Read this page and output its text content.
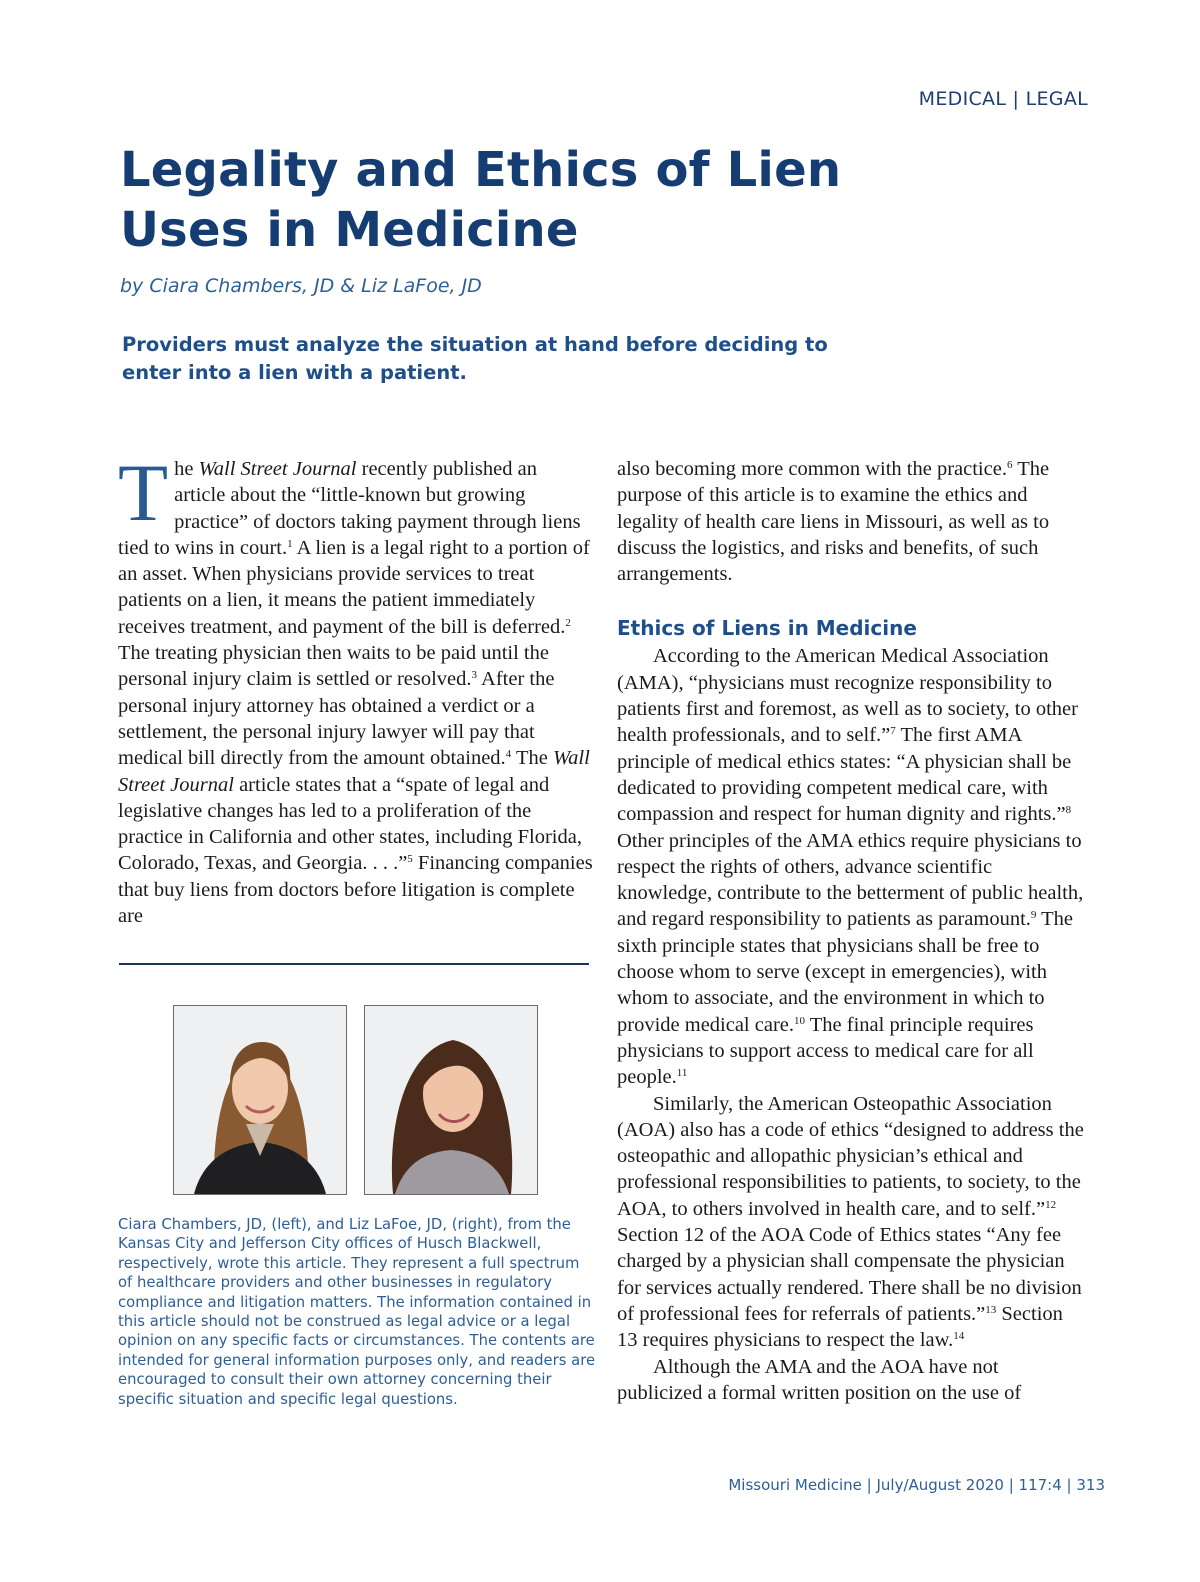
MEDICAL | LEGAL
Legality and Ethics of Lien Uses in Medicine
by Ciara Chambers, JD & Liz LaFoe, JD
Providers must analyze the situation at hand before deciding to enter into a lien with a patient.

The Wall Street Journal recently published an article about the “little-known but growing practice” of doctors taking payment through liens tied to wins in court.$^1$ A lien is a legal right to a portion of an asset. When physicians provide services to treat patients on a lien, it means the patient immediately receives treatment, and payment of the bill is deferred.$^2$ The treating physician then waits to be paid until the personal injury claim is settled or resolved.$^3$ After the personal injury attorney has obtained a verdict or a settlement, the personal injury lawyer will pay that medical bill directly from the amount obtained.$^4$ The Wall Street Journal article states that a “spate of legal and legislative changes has led to a proliferation of the practice in California and other states, including Florida, Colorado, Texas, and Georgia. . . .”$^5$ Financing companies that buy liens from doctors before litigation is complete are

Ciara Chambers, JD, (left), and Liz LaFoe, JD, (right), from the Kansas City and Jefferson City offices of Husch Blackwell, respectively, wrote this article. They represent a full spectrum of healthcare providers and other businesses in regulatory compliance and litigation matters. The information contained in this article should not be construed as legal advice or a legal opinion on any specific facts or circumstances. The contents are intended for general information purposes only, and readers are encouraged to consult their own attorney concerning their specific situation and specific legal questions.

also becoming more common with the practice.$^6$ The purpose of this article is to examine the ethics and legality of health care liens in Missouri, as well as to discuss the logistics, and risks and benefits, of such arrangements.

Ethics of Liens in Medicine

According to the American Medical Association (AMA), “physicians must recognize responsibility to patients first and foremost, as well as to society, to other health professionals, and to self.”$^7$ The first AMA principle of medical ethics states: “A physician shall be dedicated to providing competent medical care, with compassion and respect for human dignity and rights.”$^8$ Other principles of the AMA ethics require physicians to respect the rights of others, advance scientific knowledge, contribute to the betterment of public health, and regard responsibility to patients as paramount.$^9$ The sixth principle states that physicians shall be free to choose whom to serve (except in emergencies), with whom to associate, and the environment in which to provide medical care.$^{10}$ The final principle requires physicians to support access to medical care for all people.$^{11}$

Similarly, the American Osteopathic Association (AOA) also has a code of ethics “designed to address the osteopathic and allopathic physician’s ethical and professional responsibilities to patients, to society, to the AOA, to others involved in health care, and to self.”$^{12}$ Section 12 of the AOA Code of Ethics states “Any fee charged by a physician shall compensate the physician for services actually rendered. There shall be no division of professional fees for referrals of patients.”$^{13}$ Section 13 requires physicians to respect the law.$^{14}$

Although the AMA and the AOA have not publicized a formal written position on the use of

Missouri Medicine | July/August 2020 | 117:4 | 313
